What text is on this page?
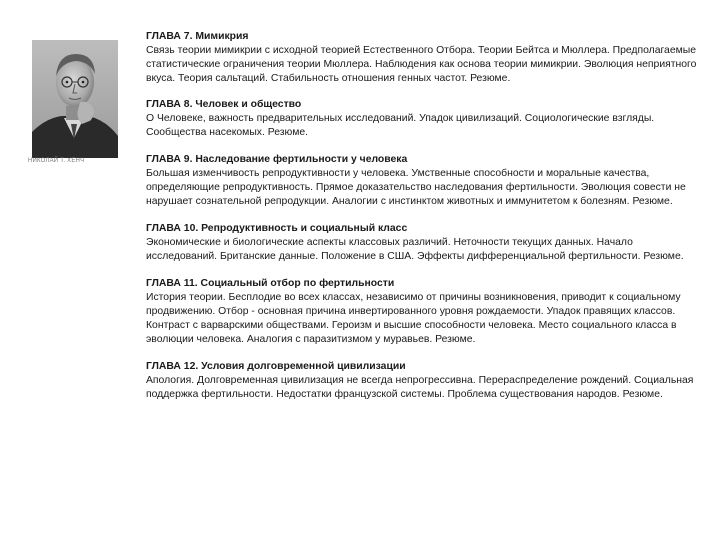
НИКОЛАЙ Т. ХЕНЧ
ГЛАВА 7. Мимикрия

Связь теории мимикрии с исходной теорией Естественного Отбора. Теории Бейтса и Мюллера. Предполагаемые статистические ограничения теории Мюллера. Наблюдения как основа теории мимикрии. Эволюция неприятного вкуса. Теория сальтаций. Стабильность отношения генных частот. Резюме.

ГЛАВА 8. Человек и общество

О Человеке, важность предварительных исследований. Упадок цивилизаций. Социологические взгляды. Сообщества насекомых. Резюме.

ГЛАВА 9. Наследование фертильности у человека

Большая изменчивость репродуктивности у человека. Умственные способности и моральные качества, определяющие репродуктивность. Прямое доказательство наследования фертильности. Эволюция совести не нарушает сознательной репродукции. Аналогии с инстинктом животных и иммунитетом к болезням. Резюме.

ГЛАВА 10. Репродуктивность и социальный класс

Экономические и биологические аспекты классовых различий. Неточности текущих данных. Начало исследований. Британские данные. Положение в США. Эффекты дифференциальной фертильности. Резюме.

ГЛАВА 11. Социальный отбор по фертильности

История теории. Бесплодие во всех классах, независимо от причины возникновения, приводит к социальному продвижению. Отбор - основная причина инвертированного уровня рождаемости. Упадок правящих классов. Контраст с варварскими обществами. Героизм и высшие способности человека. Место социального класса в эволюции человека. Аналогия с паразитизмом у муравьев. Резюме.

ГЛАВА 12. Условия долговременной цивилизации

Апология. Долговременная цивилизация не всегда непрогрессивна. Перераспределение рождений. Социальная поддержка фертильности. Недостатки французской системы. Проблема существования народов. Резюме.
